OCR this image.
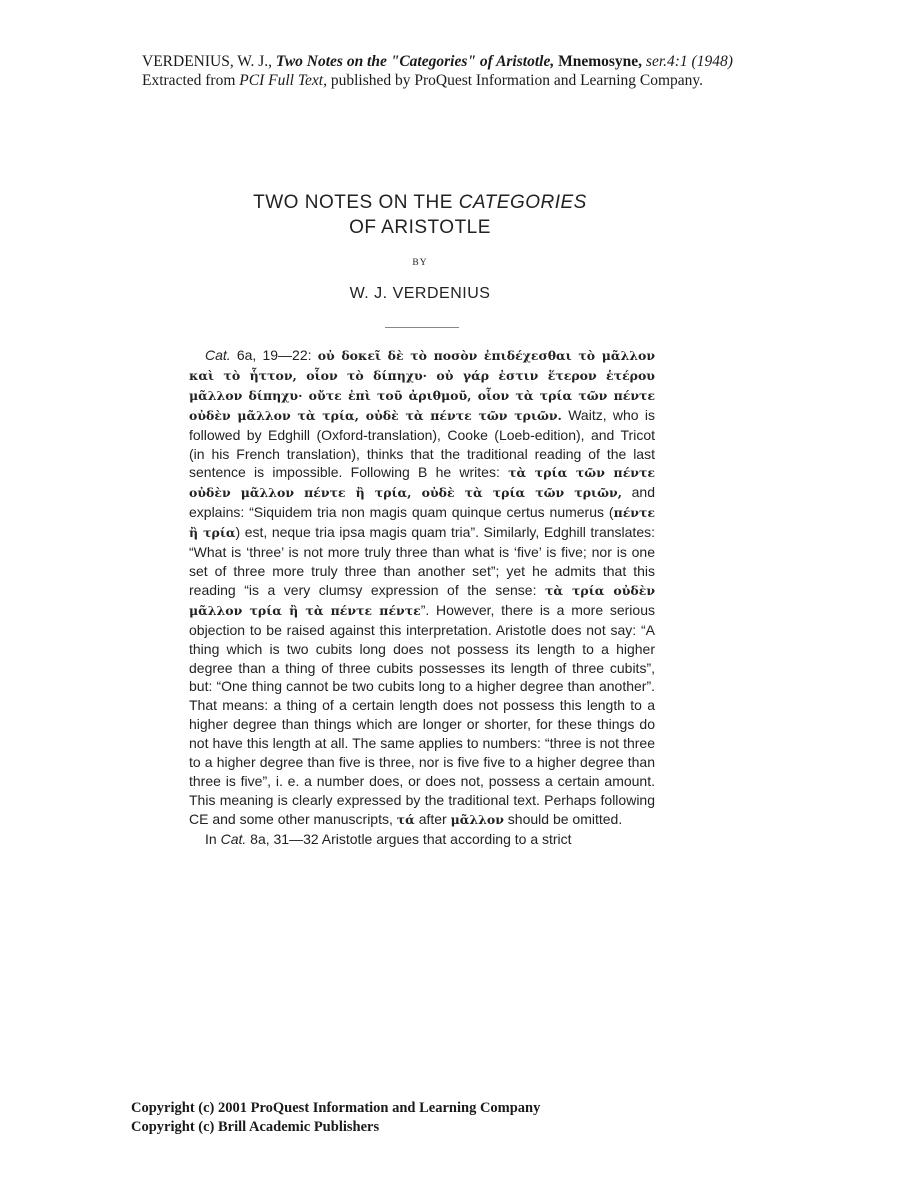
VERDENIUS, W. J., Two Notes on the "Categories" of Aristotle, Mnemosyne, ser.4:1 (1948)
Extracted from PCI Full Text, published by ProQuest Information and Learning Company.
TWO NOTES ON THE CATEGORIES
OF ARISTOTLE
BY
W. J. VERDENIUS

Cat. 6a, 19—22: οὐ δοκεῖ δὲ τὸ ποσὸν ἐπιδέχεσθαι τὸ μᾶλλον καὶ τὸ ἧττον, οἷον τὸ δίπηχυ· οὐ γάρ ἐστιν ἕτερον ἑτέρου μᾶλλον δίπηχυ· οὔτε ἐπὶ τοῦ ἀριθμοῦ, οἷον τὰ τρία τῶν πέντε οὐδὲν μᾶλλον τὰ τρία, οὐδὲ τὰ πέντε τῶν τριῶν. Waitz, who is followed by Edghill (Oxford-translation), Cooke (Loeb-edition), and Tricot (in his French translation), thinks that the traditional reading of the last sentence is impossible. Following B he writes: τὰ τρία τῶν πέντε οὐδὲν μᾶλλον πέντε ἢ τρία, οὐδὲ τὰ τρία τῶν τριῶν, and explains: “Siquidem tria non magis quam quinque certus numerus (πέντε ἢ τρία) est, neque tria ipsa magis quam tria”. Similarly, Edghill translates: “What is ‘three’ is not more truly three than what is ‘five’ is five; nor is one set of three more truly three than another set”; yet he admits that this reading “is a very clumsy expression of the sense: τὰ τρία οὐδὲν μᾶλλον τρία ἢ τὰ πέντε πέντε”. However, there is a more serious objection to be raised against this interpretation. Aristotle does not say: “A thing which is two cubits long does not possess its length to a higher degree than a thing of three cubits possesses its length of three cubits”, but: “One thing cannot be two cubits long to a higher degree than another”. That means: a thing of a certain length does not possess this length to a higher degree than things which are longer or shorter, for these things do not have this length at all. The same applies to numbers: “three is not three to a higher degree than five is three, nor is five five to a higher degree than three is five”, i. e. a number does, or does not, possess a certain amount. This meaning is clearly expressed by the traditional text. Perhaps following CE and some other manuscripts, τά after μᾶλλον should be omitted.

In Cat. 8a, 31—32 Aristotle argues that according to a strict

Copyright (c) 2001 ProQuest Information and Learning Company
Copyright (c) Brill Academic Publishers
